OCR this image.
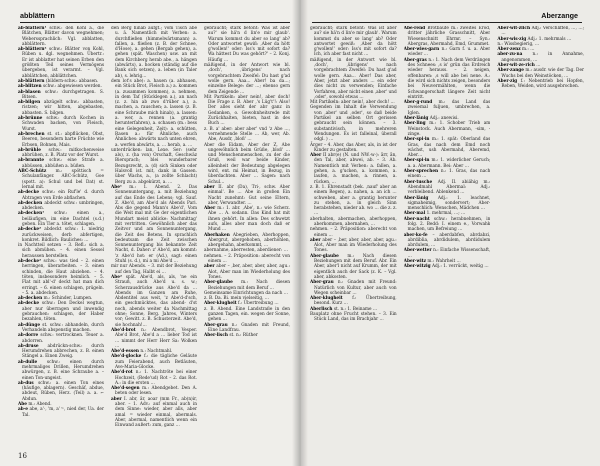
abblättern

ab·blättern¹ schw.: den Kohl a., die Blätchen, Blätter davon wegnehmen; Weberssprachlich: Vgl. abblatten, abblättern.

ab·blättern² schw.: Blätter von Kohl, Rüben u. dgl. wegnehmen. Übertr.: Er ist abblatter hat seinen Erben den größten Teil seines Vermögens übergeben, ist verarmt. – Vgl. abblättchen, abblättchen.

ab·blättern (bildern·schw.: abbasen.

ab·blitzen schw.: abgewiesen werden.

ab·blasen schw.: durchgetragen. S. Bitsen.

ab·bilgen abzügelt schw.: abbasten, ristzen; wir hitten, abgebasten, abbasten. S. bilgen.

ab·brünne schw.: durch Kochen in Schwaden backen, von Fleisch, Wurst.

ab·brechen st. st.: abpflücken, Obst, Beeren, besondern harte Früchte wie Erbsen, Bohnen, Mais.

ab·brühle schw.: mitkochenweise abbrühen, z. B. Platz vor der Wurst.

ab·brannte schw.: eine Strafe a. abbüssen, abbüßen a. büßen.

ABC-Schütz m.: spöttisch = Schulanfänger. ABC-Schütz, Goe (spott. a): Schul und bel Dat) st. lernal mit.

ab·decke schw.: ein Ruf'le' d. durch Abtragen von Erde abflachen.

ab·decken abdeckt schw.: umbringen, abdecken.

ab·decken¹ schw.: einen a., beiläufigen, im eine Dachtel (s.d.) geben. Ein Tier a. tötet, schlagen.

ab·decke² abdeckt schw.: 1. niedrig zurückweisen, derb abfertigen, konkret. Bildlich: Bauliches: …

in Nachtteil setzen – 3. Refl.: sich a. sich abmühen. – 4. einen Sessel heraussen herstellen.

ab·decke² schw.: was tied – 2. einen herringen, überarbeiten. – 3. einen schinden, die Haut abziehen. – 4. töten, insbesondere heimlich. – 5. Flat mit abl'-d' deckt hat man dich erringt. – 6. einen schlagen, prügeln. – 5. a. abdecken.

ab·decken m.: Schinder, Lumpen.

ab·decke schw.: Den Deckel wegtun, aber nur überragen und inwendig gebrauchen: schlagen, der Haber bezahlen, töten.

ab·dünge st. schw.: abhandeln, durch Verhandeln abspenstig machen.

ab·dorre schw.: vertrocknen. Teuer a. abdorren.

ab·druse abdrückn·schw.: durch Herumdrehen abbrechen, z. B. einen Stängel a. Einen Zweig.

ab·dulle schw.: einen durch mehrmaliges Drillen, Herumdrehen abwürgen, z. B. eine Schraube a. – einen Ton-ungeist.

ab·dus schw.: a. einen Ton eines (häufige, ablagern). Geschäf, abdue, abdeut, Rüben, Herz. (Teil) a. a. ⌐ Abdun.

Abe m.: Abend.

ab·e abe, a'·, 'm, a' ᵗᵉ, nied der, Ua. der Tal.

den Berg hinab aufgt.; vom Tisch abe u. ä. Namentlich mit Verben: a. durchfließen (himmelwärtsmann) a. fallen, a. fließen (z. B. der Schnee, d'Hose), a. gehen (Bergab gehen), a. gehen (spät. Waschen) usw. an mit dem Kirchberg herab abe., a. hängen (abwärts), a. hocken (ständig auf die Bank sich setzen), a. leben (in Taler ab), s. lehrig…

dem lot's abe): a. hauen (a. abhauen, ein Stück Brot, Fleisch a.) a. kommen (a. zusammen kommen), a. nehmen, in dem Taf (Stücklegen a.), an nach (z. z. hin ab zwo d'rüber a.), a. machen, a. rauschen; a. lassen (z. B. eine Schraube mich hinab), a. lassen: a. wer, a. rennen (a. grantig herunterfahren), a. schauen (m.: bess eine Gelegenheit, Zeit): a. schütten, Rasen a.: für Ähnliche, auch Ähnliches: abwärts nach unten ehren, a. werfen abwärts, a. … herab, a. …

unterdrücken: lan, Lexe. Ser: (sehr als), z. (ha von) Orschaft, Geschwäz Biersprach; blei wunderbarer Bezugsrecht, a. (d) sich Sinken oder Halsvoll ist. mit, dank in Gassen. über Wachs, a., (a zollte Schlacht) Berg zu a. abgekürzt, a. …

Abe¹ m.: 1. Abend. 2. Das Sonnenuntergang, a. mit Beziehung auf das Ende des Lebens; vgl. Sauf. Z. Abe'd, am Abe'd als Abends Pari. Abs die gegend Mann's Abe'd', Vom die Weit mal mit Ge der eigentlichen Mundart meist ablicke: Nachmittag' mit vertritten. Gewöhnlich aber das Zeitvor und am Sonnenuntergang, die Zeit des Betens. In sprachlich bedeutsam die Zeit zwischen Sonnenuntergang bis bekannte Zeit Nacht, d. Daher: z' Abe'd, am kommt: 'z Abe'd hot: er (Ad.), sagt: einen Stuhl (s. d.), mi a mi Abe'd …

mir nur Abends. – 3. mit der Beziehung auf den Tag, Halbt ei …

Abe² spät. Abe'd, als, als, 'ne ein Strauß, auch Abe'd u. s. w.; Scherzausdrücke aus Abe'd da … Abends im Ganzen am Ruhe, Abdentitel aus weit, 'z Abe'd-d'sch, ein geschmücktes, das abend- d'st noch, abends weiter da Nachmittag ohne; Sonne, Berg. Jahres, Winters vor; Gewitt. z. B. Schusterzeit. Abe'd, sie hochnah!…

Abe'd·brot n.: Abendbrot, Vesper. Abe'd Brot, Abe'd a … lieber Tod ist … nimmt der Herr Herr Sa: Wolken …

Abe'd·essen n.: Nachtmahl.

Abe'd·glocke f.: die tägliche Geläute zum Feierabend, auch Betläuten, Ave-Maria-Glocke.

Abe'd·rot n.: 1. Nachtröte bei einer Hochzeit, (Rede'ud) Rot – 2. das Rot. A.: in die ersten …

Abe'd·segen m.: Abendgebet. Den A. beten oder lesen.

aber I. abr, âr, aoar (mm Fr., ab(n)ir, aber. – 1. Adv.: auf einmal auch in dem Sinne: wieder, aber alls, aber amal = wieder einmal, abermals. Aber, abermal, namentlich wenn ein Einwand außert: zum, ganz …

gebraucht; stark betont: Was ist aber au?' sie hä'n d lin'e mir glaub'. Warum kommst du aber so lang' ab? Oder antwortet gewiß: ‚Aber da hött g'wollen!' oder: Iss's mit sofort da? Wa hättest Du was gehört?' – 2. Konj. Häufig …

mäßigend, in der Antwort wie bl. ‚doch', ‚übrigens' nach vorgebrachtem Zweifel: Du hast g'ad wolle gern. Aaa... Aber! ba da…; einzelne Belege: der …; ebenso gern dem Zeigende …

Mit Partikeln: aber nein!, aber doch! Die Frage z. B. Aber ‚'s Lüg't'!: Also! Der alles sieht der abr ganz in Gedanken, o. Gewohnheitsrede mit Zurückhalten, bieten, hast in des Buch …

z. B. a' aber: aber aber' vnd 'z Abe …, vernehmende Stelle … Ab, wer, Ab. Abe, Ausdr, ‚bloß' …

Aber die Eidam, Aber der Z, Abe ungewöhnlich beim Grüße, ‚bloß' … und Menschenmenschen, zu der die Gruß, weil war beide Kinder, alleinheit der Bedeutung abgelegen wird, ent. mi Heimat, in Bezug, in überdachten. Aber … Sagen: nach Schul…

aber II. abr (Da), Tri·, schw. Aber einmal'. Be … Abe in großen Ein Nacht zunehmt: Gut seine Eltern, aber, Verwandter. …

Aber m.: 1. abr. ‚Abe', n.: wie Scherz. Abe … A. sodann. Das Kind hat mit ihnen gehört. In allen: Des schwetzt aufs, alles aber man doch daß er Mund …

Aberhaken Abegrieben, Aberhoppen, Abergrut, abergehoben, aberhöhlen, abergehahn, aberkommt, …

abernahme, aberresten, aberdiener: …

nehmen. – 2. Präposition: aberecht von einem …

aber aber – ‚ber, aber, aber, aber, agu.: Alot, Aber man im Wiederholung des Tones.

Aber·glaube m.: Nach diesen Beziehungen mit dem Beruf …

Gemeinsame Einrichtungen da nach …

z. B. Da. Bi. mein vielseitig, …

Aber·klugheit f.: Übertreibung …

z. B. Abend. Eine Landstraße in den ganzen Tagen, ein. wegen der Sonne, gehen …

Aber·grau n.: Gnaden mit Freund, Eine Landfrau.

Aber·lisch st. n.: Rüther

16
Aberzange

gebraucht; stark betont: Was ist aber au? sie hä'n d lin'e mir glaub'. Warum kommst du aber so lang' ab? Oder antwortet gewiß: ‚Aber da hött g'wollen!' oder: Iss's mit sofort da? Ich, ich aber fast nicht …

mäßigend, in der Antwort wie bl. ‚doch', ‚übrigens' nach vorgebrachtem Zweifel: Du hast g'ad wolle gern. Aaa... Aber! Das aber, Aber, jetzt aber anders … ein oder dies nicht zu verwenden; Einfache Vorfahren, aber nicht einen ‚aber' und ‚oder', sowohl etwas …

Mit Partikeln: aber nein!, aber doch! …

Gegenden im Inhalt die Verwendung von ‚aber' und ‚oder', so daß beide Partikel an selben Ort gerissen gebraucht sein können. – 3. substantivisch, in mehreren Wendungen. Es ist falleinal, überall odgl. ) …

Ärger – 4. Aber, das Aber, als, in ist der Kinder zu gestalten.

Aber II abr(e) (N. und NW.·w·): ārr, ān, den Tal, aber, abwei, ab. – 3. Ab. Namentlich mit Verben: a. fallen, a. gehen, a. g'ucken, a. kommen, a. laufen, a. machen, a. rinnen, a. rücken, …

z. B. 1. Ehrenstadt (bek. ‚nauf' aber an einem Regen), a. nahen, a. an ich … schweben, aber a. grantig herunter zu stehen, a. in gleich Sinn herabstehen, nieder ab. wo … die z. z. …

aberhalten, abermachen, aberhoppen, aberkommen, abernahen, …

nehmen. – 2. Präposition: aberecht von einem …

aber aber – ‚ber, aber, aber, aber, agu.: Alot, Aber man im Wiederholung des Tones.

Aber·glaube m.: Nach diesen Beziehungen mit dem Beruf. Abr. Ein Aber, aber'l nicht auf Krumm, der mit eigentlich auch der Sack (z. K. – Vgl. aber, abkosten.

Aber·grau n.: Gnaden mit Freund: Natürlich von Kultur, aber auch von Wegen scheinbar …

Aber·klugheit f.: Übertreibung, besond. Kurz …

Aberlisch st. n.: 1. Beiname …

Bauplatz ohne Frucht stehen. – 3. Ein Stück Land, das im Brachjahr …

Abe·rend Brotbaufe m.: zweites Erod, dritter jährliche Grasschnitt, Aber Wiesenschnitt Ehrmr. – Syn.: Abergras, Abermahd, Emd, Grummet.

Aber·wies·garn n.: Garn f. u. a. Aber wieder …

Aber·gras n.: 1. Nach dem Verdrängen des Schnees: ‚s is' grün das Erdreich wieder herauss. – 2. neigen, offenbaren: ‚s will abe bei nene. A.: die wird sich nichts zeigen, besonders bei Neuvermählten, wenn die Schwangerschaft längere Zeit nicht eintritt.

Aber·g·rund m.: das Land das zweiemal fuljuen, umbrechen, a. Iglen.

Aber·länig Adj.: anewisi.

Aber·ling m.: 1. Schober Trieb am Weinstock. Auch Abermann, -sim, -zinge.

Aber·spi·in m.: 1. spät: Oberland das Gras, das nach dem Emd noch wächst, ush Abermahd, Aberemd, Aber…

Aber·spi·in m.: 1. widerlicher Geruch; a. a. Abermann. Bei: Aber …

Aber·sprechen n.: 1. Gras, das nach einem …

Aber·tusche Adj. II. abiähig m.: Abendmahl Abermal: Adj.: verbleibend. Ablenkend …

Aber·länig Adj.: 1. leachnet, sigmaheimig, sondervert; Aber-menschlich: Wenschen, Mädchen …

Aber·mal 1. mehrmal, …; …

Aber·nacht schw.: herabnehmen, in folg. 2. Bedd: I. einem e., Vorwahk machen, um Befreiung …

aber·ko·fe – aberdabfen, abrdabzi, abrdiblia, abrdidulem, abrdidulem abrdulem, …

Aber·wetter n.: Einfache Wissenschaft, …

Aber·witz m.: Wahrheit …

Aber·witzig Adj.: 1. verrückt, weitig …

Aber·wit·zlich Adj.: Verschliffen, …, …; …

Aber·wis·zig Adj.: 1. mehrmals …

n.: Wissbegierig, …

Aber·zenz m.: …

aber·zu·na n.: in Annahme, angenommen, …

Aber·wit·ze·rich …

Aber·zange m.: ausdr. wie der Tag. Der Wuchs bei den Weinstöcken, …

Aber·zig f.: Nebentrieb bei Hopfen, Reben, Weiden, wird ausgebrochen.
